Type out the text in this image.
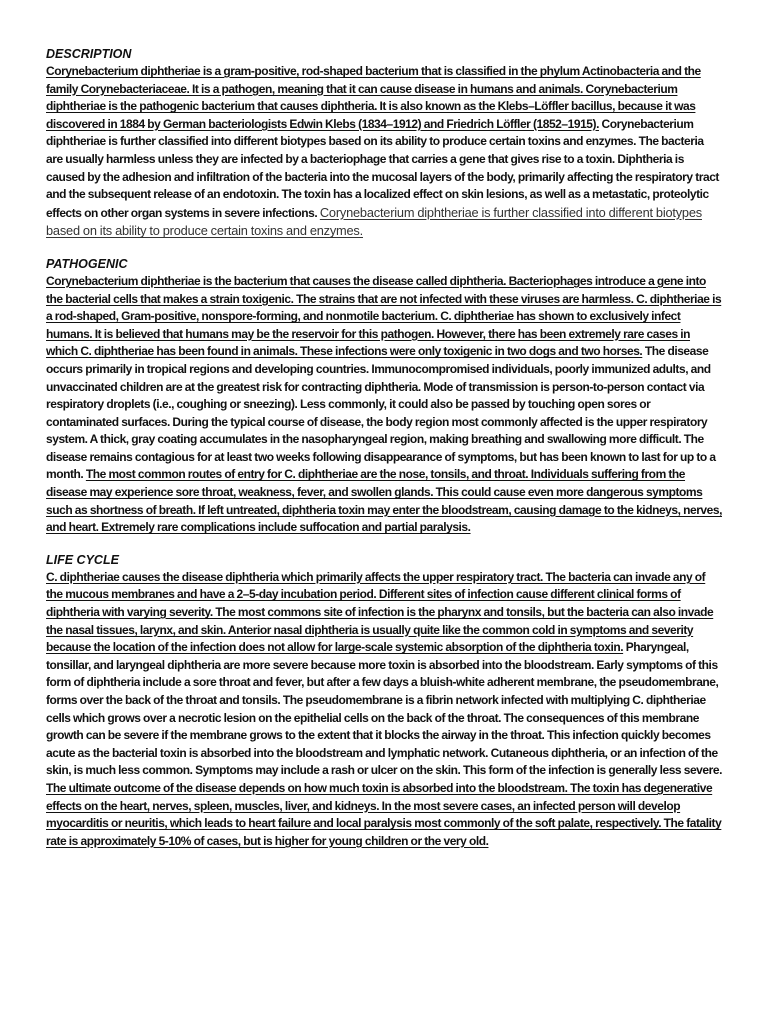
DESCRIPTION

Corynebacterium diphtheriae is a gram-positive, rod-shaped bacterium that is classified in the phylum Actinobacteria and the family Corynebacteriaceae. It is a pathogen, meaning that it can cause disease in humans and animals. Corynebacterium diphtheriae is the pathogenic bacterium that causes diphtheria. It is also known as the Klebs–Löffler bacillus, because it was discovered in 1884 by German bacteriologists Edwin Klebs (1834–1912) and Friedrich Löffler (1852–1915). Corynebacterium diphtheriae is further classified into different biotypes based on its ability to produce certain toxins and enzymes. The bacteria are usually harmless unless they are infected by a bacteriophage that carries a gene that gives rise to a toxin. Diphtheria is caused by the adhesion and infiltration of the bacteria into the mucosal layers of the body, primarily affecting the respiratory tract and the subsequent release of an endotoxin. The toxin has a localized effect on skin lesions, as well as a metastatic, proteolytic effects on other organ systems in severe infections. Corynebacterium diphtheriae is further classified into different biotypes based on its ability to produce certain toxins and enzymes.

PATHOGENIC

Corynebacterium diphtheriae is the bacterium that causes the disease called diphtheria. Bacteriophages introduce a gene into the bacterial cells that makes a strain toxigenic. The strains that are not infected with these viruses are harmless. C. diphtheriae is a rod-shaped, Gram-positive, nonspore-forming, and nonmotile bacterium. C. diphtheriae has shown to exclusively infect humans. It is believed that humans may be the reservoir for this pathogen. However, there has been extremely rare cases in which C. diphtheriae has been found in animals. These infections were only toxigenic in two dogs and two horses. The disease occurs primarily in tropical regions and developing countries. Immunocompromised individuals, poorly immunized adults, and unvaccinated children are at the greatest risk for contracting diphtheria. Mode of transmission is person-to-person contact via respiratory droplets (i.e., coughing or sneezing). Less commonly, it could also be passed by touching open sores or contaminated surfaces. During the typical course of disease, the body region most commonly affected is the upper respiratory system. A thick, gray coating accumulates in the nasopharyngeal region, making breathing and swallowing more difficult. The disease remains contagious for at least two weeks following disappearance of symptoms, but has been known to last for up to a month. The most common routes of entry for C. diphtheriae are the nose, tonsils, and throat. Individuals suffering from the disease may experience sore throat, weakness, fever, and swollen glands. This could cause even more dangerous symptoms such as shortness of breath. If left untreated, diphtheria toxin may enter the bloodstream, causing damage to the kidneys, nerves, and heart. Extremely rare complications include suffocation and partial paralysis.

LIFE CYCLE

C. diphtheriae causes the disease diphtheria which primarily affects the upper respiratory tract. The bacteria can invade any of the mucous membranes and have a 2–5-day incubation period. Different sites of infection cause different clinical forms of diphtheria with varying severity. The most commons site of infection is the pharynx and tonsils, but the bacteria can also invade the nasal tissues, larynx, and skin. Anterior nasal diphtheria is usually quite like the common cold in symptoms and severity because the location of the infection does not allow for large-scale systemic absorption of the diphtheria toxin. Pharyngeal, tonsillar, and laryngeal diphtheria are more severe because more toxin is absorbed into the bloodstream. Early symptoms of this form of diphtheria include a sore throat and fever, but after a few days a bluish-white adherent membrane, the pseudomembrane, forms over the back of the throat and tonsils. The pseudomembrane is a fibrin network infected with multiplying C. diphtheriae cells which grows over a necrotic lesion on the epithelial cells on the back of the throat. The consequences of this membrane growth can be severe if the membrane grows to the extent that it blocks the airway in the throat. This infection quickly becomes acute as the bacterial toxin is absorbed into the bloodstream and lymphatic network. Cutaneous diphtheria, or an infection of the skin, is much less common. Symptoms may include a rash or ulcer on the skin. This form of the infection is generally less severe. The ultimate outcome of the disease depends on how much toxin is absorbed into the bloodstream. The toxin has degenerative effects on the heart, nerves, spleen, muscles, liver, and kidneys. In the most severe cases, an infected person will develop myocarditis or neuritis, which leads to heart failure and local paralysis most commonly of the soft palate, respectively. The fatality rate is approximately 5-10% of cases, but is higher for young children or the very old.
